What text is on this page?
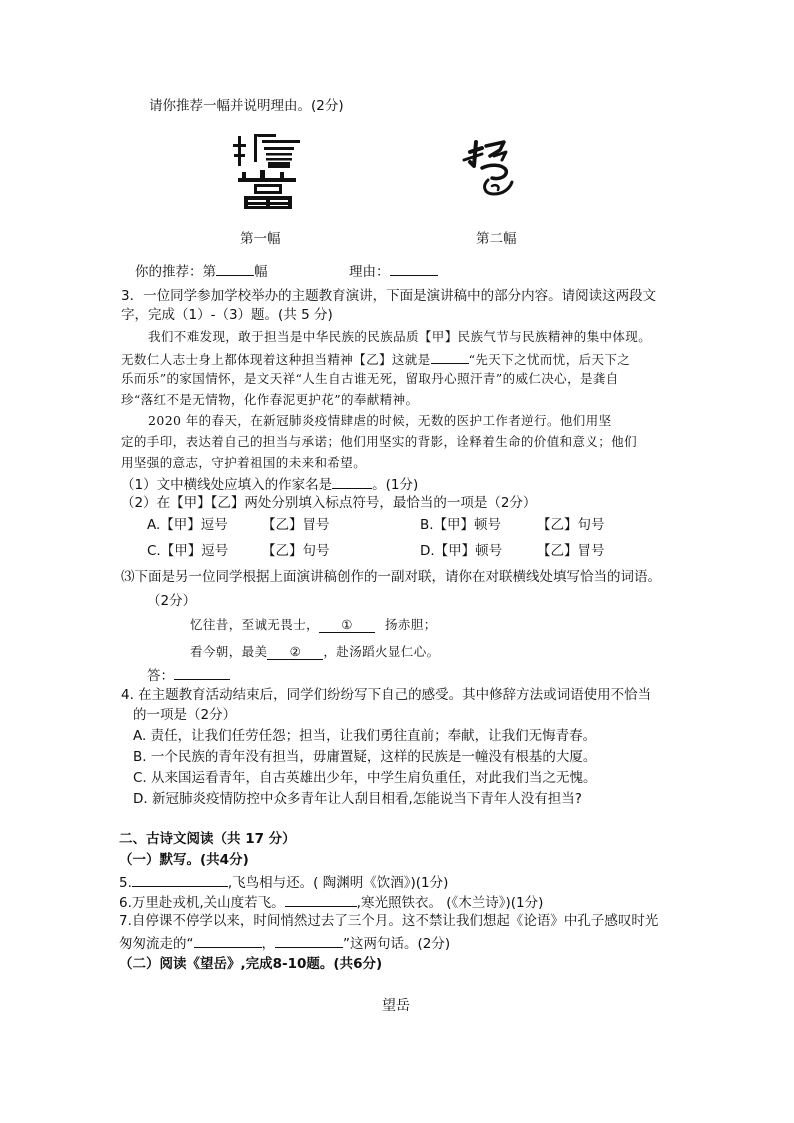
请你推荐一幅并说明理由。(2分)
第一幅	第二幅
你的推荐：第	幅	理由：
3．一位同学参加学校举办的主题教育演讲，下面是演讲稿中的部分内容。请阅读这两段文
字，完成（1）-（3）题。(共 5 分)
我们不难发现，敢于担当是中华民族的民族品质【甲】民族气节与民族精神的集中体现。
无数仁人志士身上都体现着这种担当精神【乙】这就是	“先天下之忧而忧，后天下之
乐而乐”的家国情怀，是文天祥“人生自古谁无死，留取丹心照汗青”的威仁决心，是龚自
珍“落红不是无情物，化作春泥更护花”的奉献精神。
2020 年的春天，在新冠肺炎疫情肆虐的时候，无数的医护工作者逆行。他们用坚
定的手印，表达着自己的担当与承诺；他们用坚实的背影，诠释着生命的价值和意义；他们
用坚强的意志，守护着祖国的未来和希望。
（1）文中横线处应填入的作家名是	。(1分)
（2）在【甲】【乙】两处分别填入标点符号，最恰当的一项是（2分）
A.【甲】逗号	【乙】冒号	B.【甲】顿号	【乙】句号
C.【甲】逗号	【乙】句号	D.【甲】顿号	【乙】冒号
⑶下面是另一位同学根据上面演讲稿创作的一副对联，请你在对联横线处填写恰当的词语。
（2分）
忆往昔，至诚无畏士， ①	扬赤胆；
看今朝，最美 ② ，赴汤蹈火显仁心。
答：
4. 在主题教育活动结束后，同学们纷纷写下自己的感受。其中修辞方法或词语使用不恰当
的一项是（2分）
A. 责任，让我们任劳任怨；担当，让我们勇往直前；奉献，让我们无悔青春。
B. 一个民族的青年没有担当，毋庸置疑，这样的民族是一幢没有根基的大厦。
C. 从来国运看青年，自古英雄出少年，中学生肩负重任，对此我们当之无愧。
D. 新冠肺炎疫情防控中众多青年让人刮目相看,怎能说当下青年人没有担当?
二、古诗文阅读（共 17 分）
（一）默写。(共4分)
5.	,飞鸟相与还。( 陶渊明《饮酒》)(1分)
6.万里赴戎机,关山度若飞。	,寒光照铁衣。 (《木兰诗》)(1分)
7.自停课不停学以来，时间悄然过去了三个月。这不禁让我们想起《论语》中孔子感叹时光
匆匆流走的“	，	”这两句话。(2分)
（二）阅读《望岳》,完成8-10题。(共6分)
望岳
